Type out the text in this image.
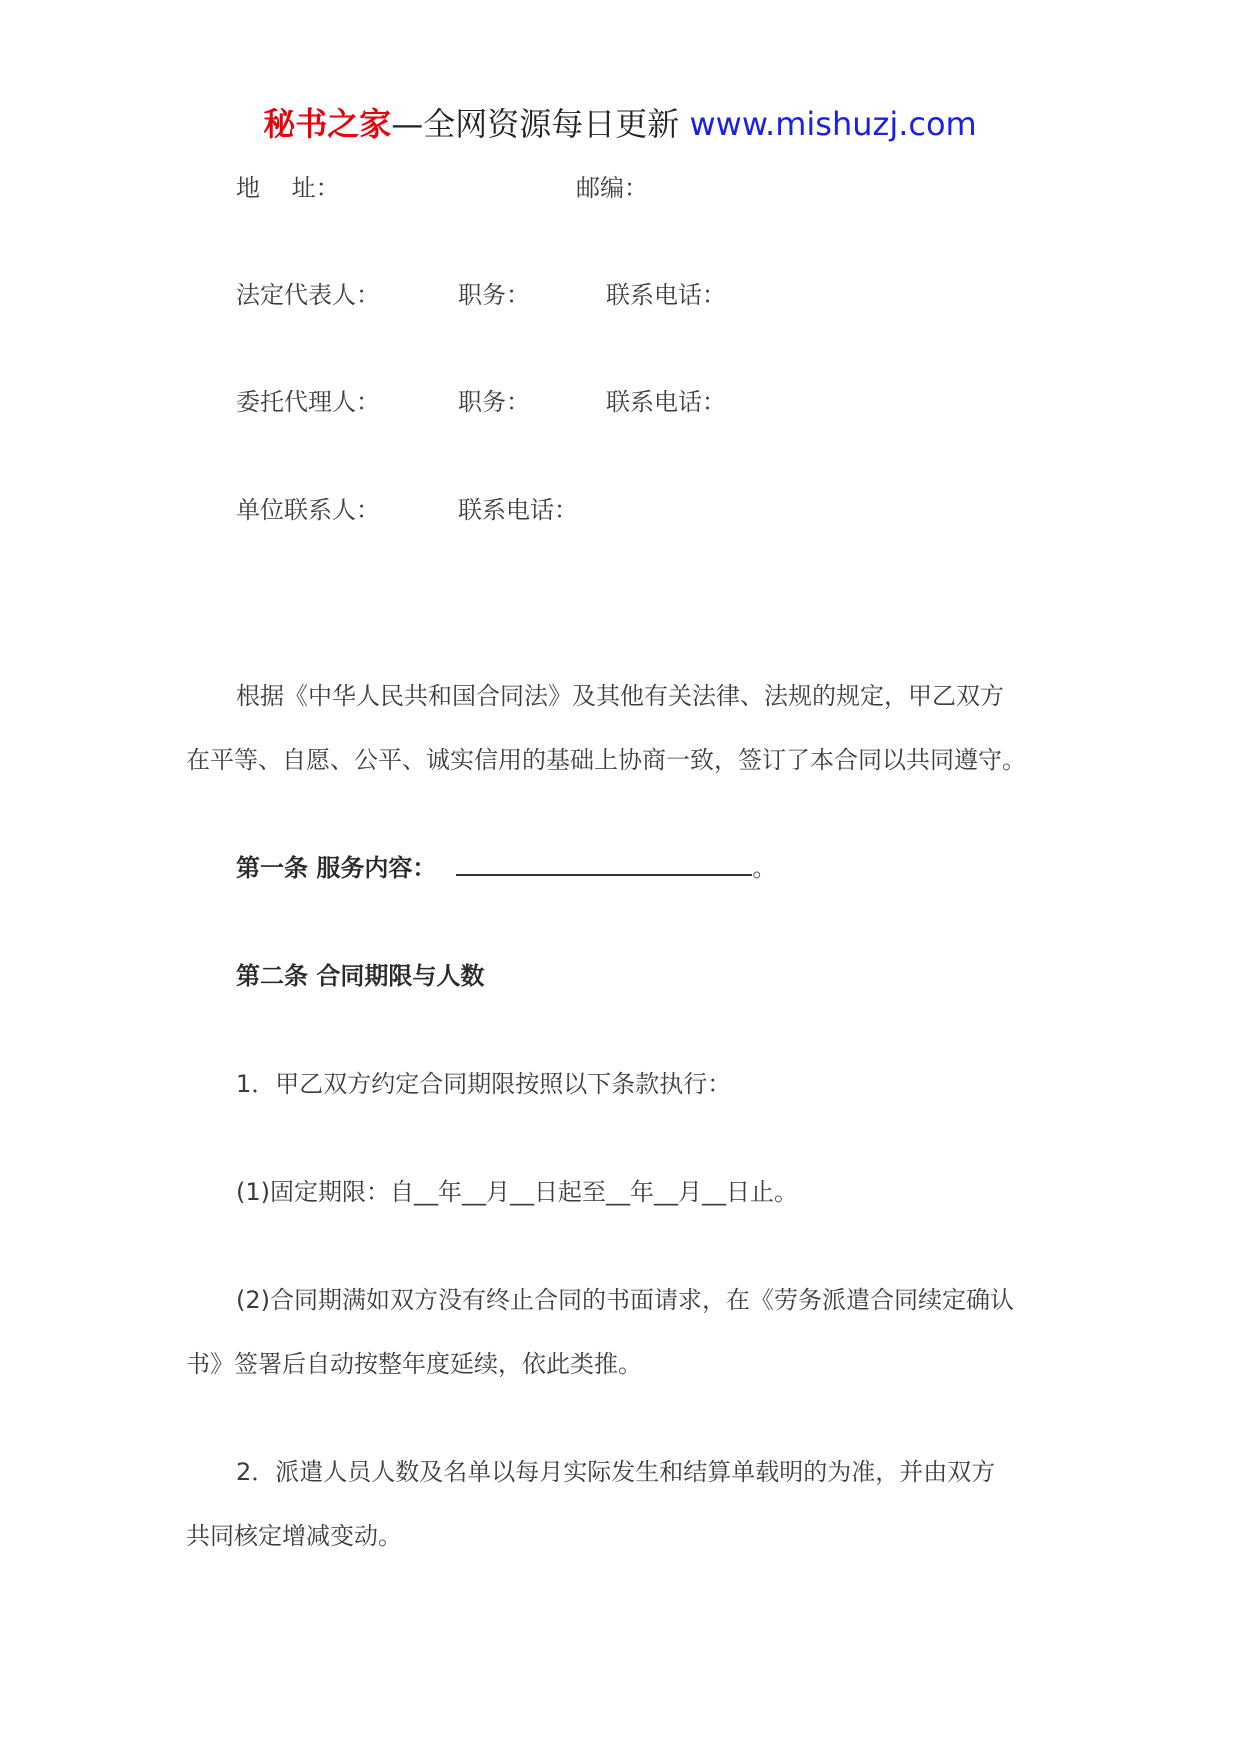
秘书之家—全网资源每日更新 www.mishuzj.com
地　 址：	邮编：
法定代表人：	职务：	联系电话：
委托代理人：	职务：	联系电话：
单位联系人：	联系电话：
根据《中华人民共和国合同法》及其他有关法律、法规的规定，甲乙双方
在平等、自愿、公平、诚实信用的基础上协商一致，签订了本合同以共同遵守。
第一条 服务内容：	。
第二条 合同期限与人数
1．甲乙双方约定合同期限按照以下条款执行：
(1)固定期限：自__年__月__日起至__年__月__日止。
(2)合同期满如双方没有终止合同的书面请求，在《劳务派遣合同续定确认
书》签署后自动按整年度延续，依此类推。
2．派遣人员人数及名单以每月实际发生和结算单载明的为准，并由双方
共同核定增减变动。
